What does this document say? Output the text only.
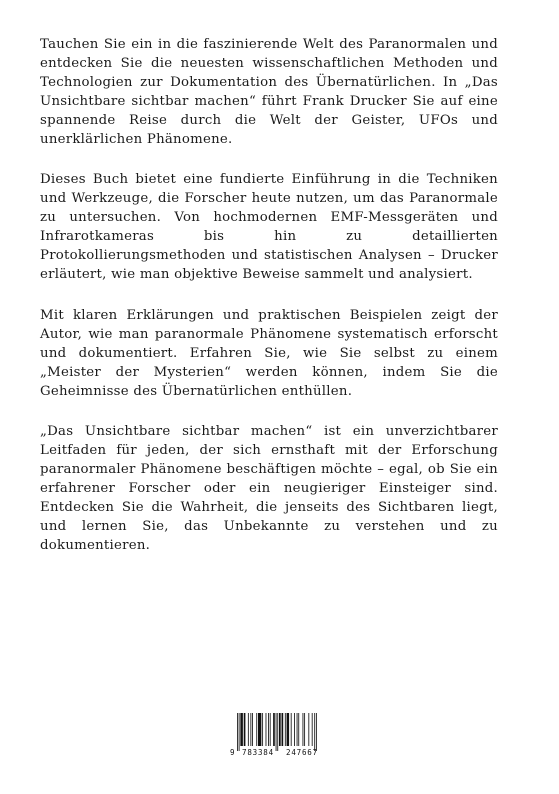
Tauchen Sie ein in die faszinierende Welt des Paranormalen und entdecken Sie die neuesten wissenschaftlichen Methoden und Technologien zur Dokumentation des Übernatürlichen. In „Das Unsichtbare sichtbar machen“ führt Frank Drucker Sie auf eine spannende Reise durch die Welt der Geister, UFOs und unerklärlichen Phänomene.

Dieses Buch bietet eine fundierte Einführung in die Techniken und Werkzeuge, die Forscher heute nutzen, um das Paranormale zu untersuchen. Von hochmodernen EMF-Messgeräten und Infrarotkameras bis hin zu detaillierten Protokollierungsmethoden und statistischen Analysen – Drucker erläutert, wie man objektive Beweise sammelt und analysiert.

Mit klaren Erklärungen und praktischen Beispielen zeigt der Autor, wie man paranormale Phänomene systematisch erforscht und dokumentiert. Erfahren Sie, wie Sie selbst zu einem „Meister der Mysterien“ werden können, indem Sie die Geheimnisse des Übernatürlichen enthüllen.

„Das Unsichtbare sichtbar machen“ ist ein unverzichtbarer Leitfaden für jeden, der sich ernsthaft mit der Erforschung paranormaler Phänomene beschäftigen möchte – egal, ob Sie ein erfahrener Forscher oder ein neugieriger Einsteiger sind. Entdecken Sie die Wahrheit, die jenseits des Sichtbaren liegt, und lernen Sie, das Unbekannte zu verstehen und zu dokumentieren.

9 783384 247667
